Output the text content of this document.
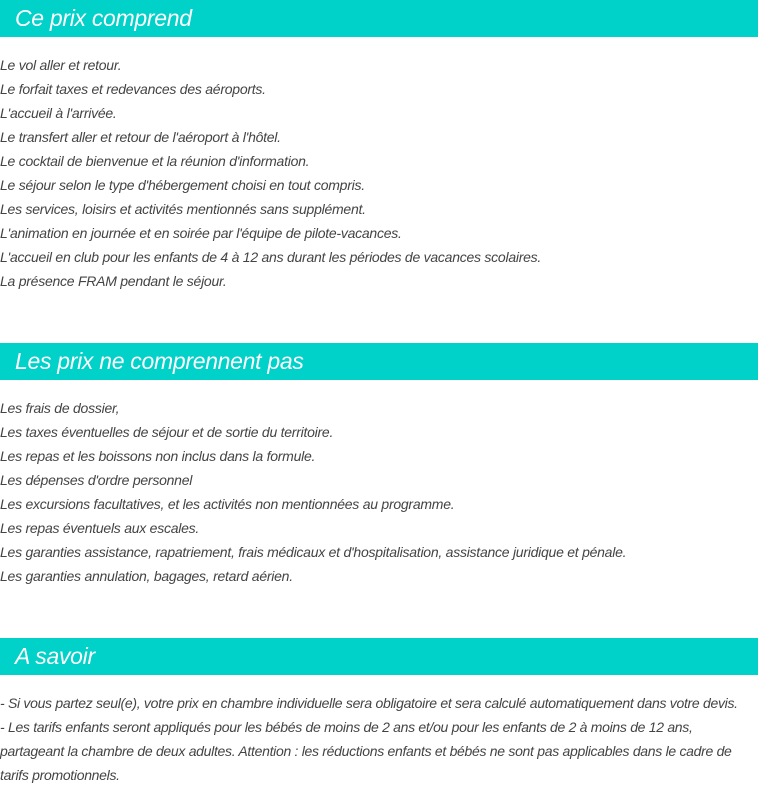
Ce prix comprend
Le vol aller et retour.
Le forfait taxes et redevances des aéroports.
L'accueil à l'arrivée.
Le transfert aller et retour de l'aéroport à l'hôtel.
Le cocktail de bienvenue et la réunion d'information.
Le séjour selon le type d'hébergement choisi en tout compris.
Les services, loisirs et activités mentionnés sans supplément.
L'animation en journée et en soirée par l'équipe de pilote-vacances.
L'accueil en club pour les enfants de 4 à 12 ans durant les périodes de vacances scolaires.
La présence FRAM pendant le séjour.
Les prix ne comprennent pas
Les frais de dossier,
Les taxes éventuelles de séjour et de sortie du territoire.
Les repas et les boissons non inclus dans la formule.
Les dépenses d'ordre personnel
Les excursions facultatives, et les activités non mentionnées au programme.
Les repas éventuels aux escales.
Les garanties assistance, rapatriement, frais médicaux et d'hospitalisation, assistance juridique et pénale.
Les garanties annulation, bagages, retard aérien.
A savoir

- Si vous partez seul(e), votre prix en chambre individuelle sera obligatoire et sera calculé automatiquement dans votre devis.

- Les tarifs enfants seront appliqués pour les bébés de moins de 2 ans et/ou pour les enfants de 2 à moins de 12 ans, partageant la chambre de deux adultes. Attention : les réductions enfants et bébés ne sont pas applicables dans le cadre de tarifs promotionnels.
